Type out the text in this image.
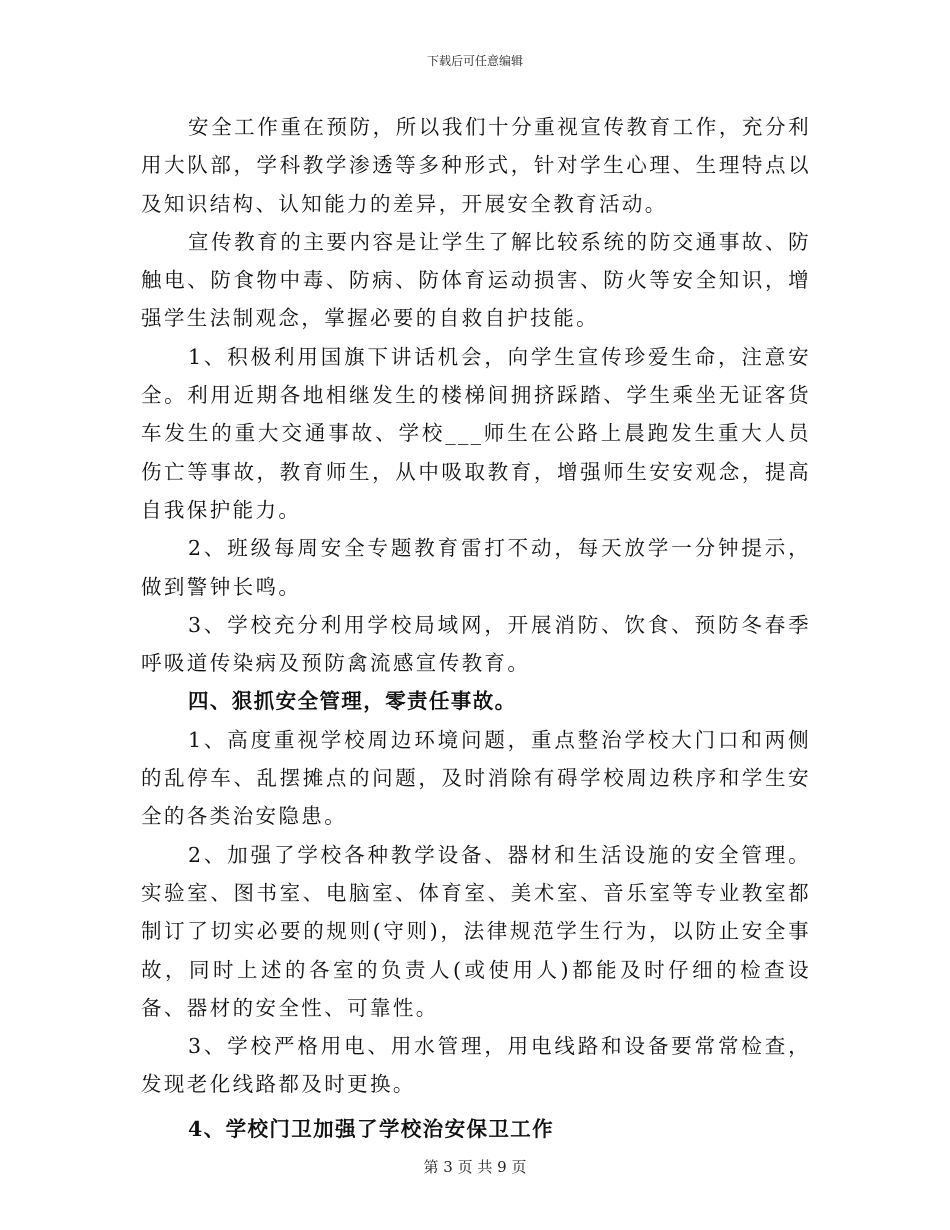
下载后可任意编辑

安全工作重在预防，所以我们十分重视宣传教育工作，充分利用大队部，学科教学渗透等多种形式，针对学生心理、生理特点以及知识结构、认知能力的差异，开展安全教育活动。

宣传教育的主要内容是让学生了解比较系统的防交通事故、防触电、防食物中毒、防病、防体育运动损害、防火等安全知识，增强学生法制观念，掌握必要的自救自护技能。

1、积极利用国旗下讲话机会，向学生宣传珍爱生命，注意安全。利用近期各地相继发生的楼梯间拥挤踩踏、学生乘坐无证客货车发生的重大交通事故、学校___师生在公路上晨跑发生重大人员伤亡等事故，教育师生，从中吸取教育，增强师生安安观念，提高自我保护能力。

2、班级每周安全专题教育雷打不动，每天放学一分钟提示，做到警钟长鸣。

3、学校充分利用学校局域网，开展消防、饮食、预防冬春季呼吸道传染病及预防禽流感宣传教育。

四、狠抓安全管理，零责任事故。

1、高度重视学校周边环境问题，重点整治学校大门口和两侧的乱停车、乱摆摊点的问题，及时消除有碍学校周边秩序和学生安全的各类治安隐患。

2、加强了学校各种教学设备、器材和生活设施的安全管理。实验室、图书室、电脑室、体育室、美术室、音乐室等专业教室都制订了切实必要的规则(守则)，法律规范学生行为，以防止安全事故，同时上述的各室的负责人(或使用人)都能及时仔细的检查设备、器材的安全性、可靠性。

3、学校严格用电、用水管理，用电线路和设备要常常检查，发现老化线路都及时更换。

4、学校门卫加强了学校治安保卫工作

第 3 页 共 9 页
